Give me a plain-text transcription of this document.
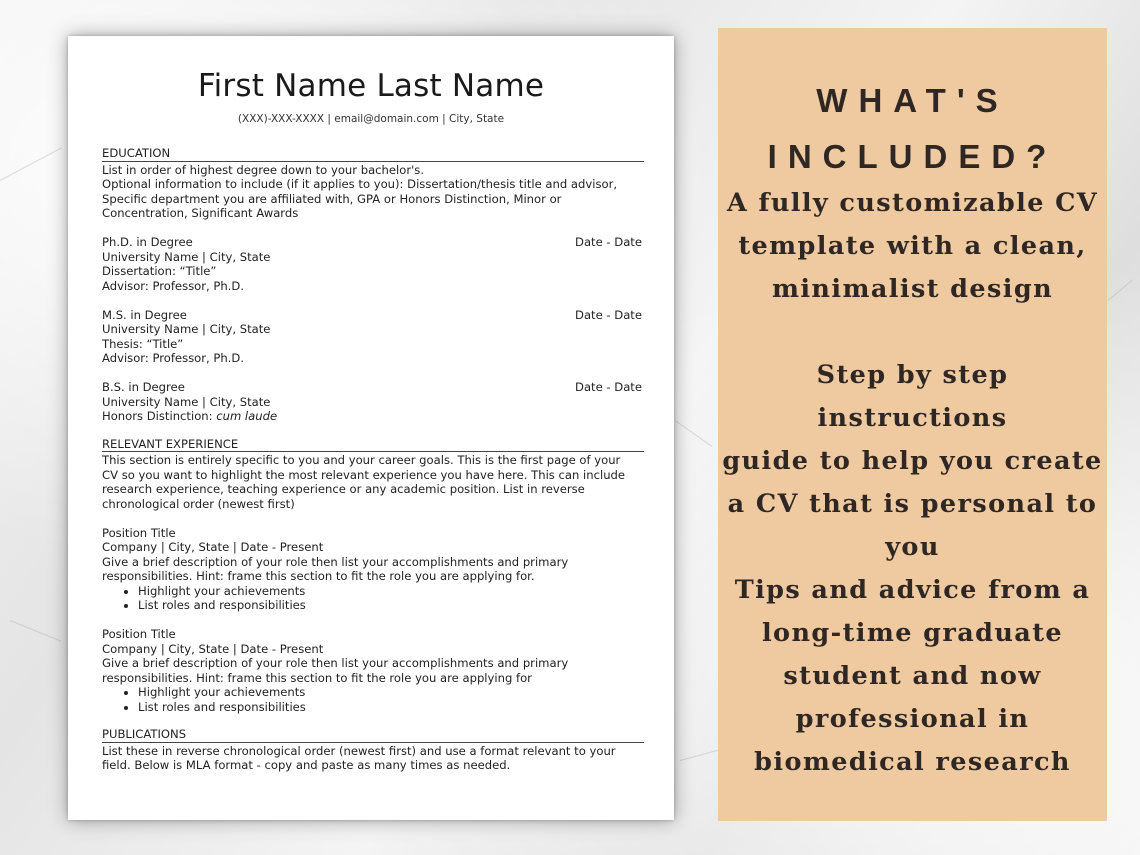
First Name Last Name
(XXX)-XXX-XXXX | email@domain.com | City, State
EDUCATION

List in order of highest degree down to your bachelor's.

Optional information to include (if it applies to you): Dissertation/thesis title and advisor,

Specific department you are affiliated with, GPA or Honors Distinction, Minor or

Concentration, Significant Awards

Ph.D. in Degree	Date - Date

University Name | City, State

Dissertation: “Title”

Advisor: Professor, Ph.D.

M.S. in Degree	Date - Date

University Name | City, State

Thesis: “Title”

Advisor: Professor, Ph.D.

B.S. in Degree	Date - Date

University Name | City, State

Honors Distinction: cum laude

RELEVANT EXPERIENCE

This section is entirely specific to you and your career goals. This is the first page of your

CV so you want to highlight the most relevant experience you have here. This can include

research experience, teaching experience or any academic position. List in reverse

chronological order (newest first)

Position Title

Company | City, State | Date - Present

Give a brief description of your role then list your accomplishments and primary

responsibilities. Hint: frame this section to fit the role you are applying for.

• Highlight your achievements
• List roles and responsibilities

Position Title

Company | City, State | Date - Present

Give a brief description of your role then list your accomplishments and primary

responsibilities. Hint: frame this section to fit the role you are applying for

• Highlight your achievements
• List roles and responsibilities
PUBLICATIONS

List these in reverse chronological order (newest first) and use a format relevant to your

field. Below is MLA format - copy and paste as many times as needed.

WHAT'S
INCLUDED?
A fully customizable CV
template with a clean,
minimalist design
Step by step instructions
guide to help you create
a CV that is personal to
you
Tips and advice from a
long-time graduate
student and now
professional in
biomedical research
